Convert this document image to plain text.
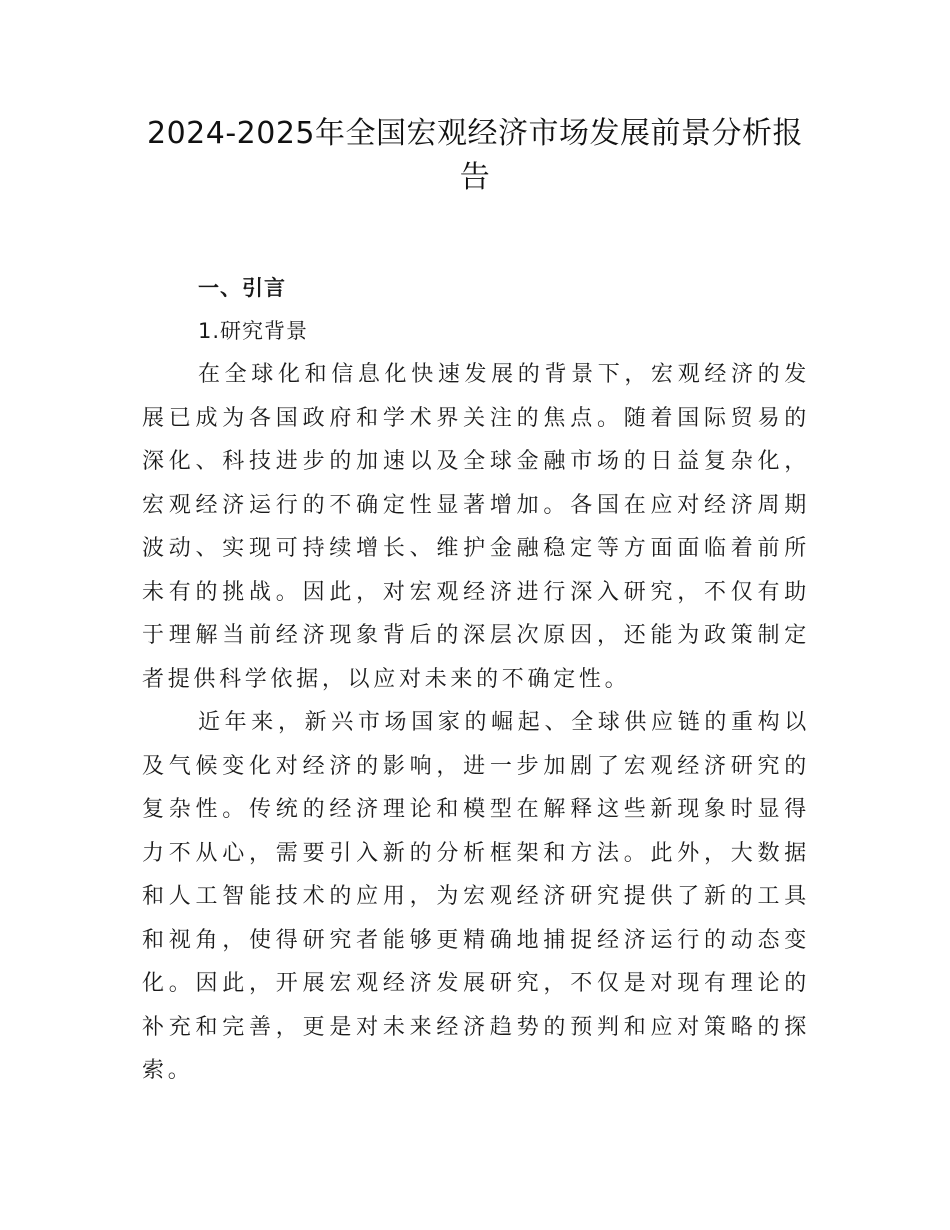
2024-2025年全国宏观经济市场发展前景分析报告

一、引言

1.研究背景

在全球化和信息化快速发展的背景下，宏观经济的发展已成为各国政府和学术界关注的焦点。随着国际贸易的深化、科技进步的加速以及全球金融市场的日益复杂化，宏观经济运行的不确定性显著增加。各国在应对经济周期波动、实现可持续增长、维护金融稳定等方面面临着前所未有的挑战。因此，对宏观经济进行深入研究，不仅有助于理解当前经济现象背后的深层次原因，还能为政策制定者提供科学依据，以应对未来的不确定性。

近年来，新兴市场国家的崛起、全球供应链的重构以及气候变化对经济的影响，进一步加剧了宏观经济研究的复杂性。传统的经济理论和模型在解释这些新现象时显得力不从心，需要引入新的分析框架和方法。此外，大数据和人工智能技术的应用，为宏观经济研究提供了新的工具和视角，使得研究者能够更精确地捕捉经济运行的动态变化。因此，开展宏观经济发展研究，不仅是对现有理论的补充和完善，更是对未来经济趋势的预判和应对策略的探索。
